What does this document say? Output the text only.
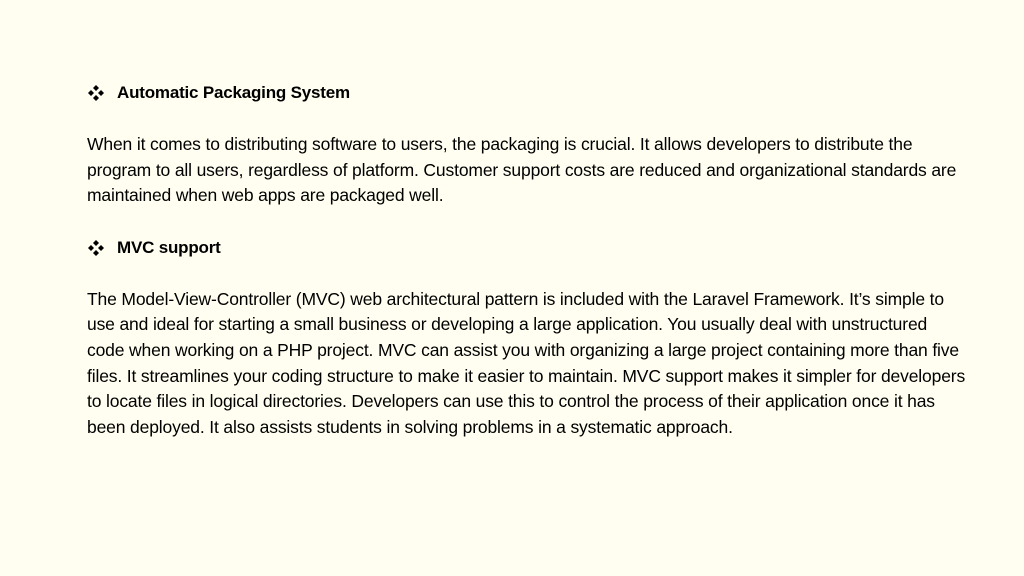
Automatic Packaging System

When it comes to distributing software to users, the packaging is crucial. It allows developers to distribute the program to all users, regardless of platform. Customer support costs are reduced and organizational standards are maintained when web apps are packaged well.

MVC support

The Model-View-Controller (MVC) web architectural pattern is included with the Laravel Framework. It’s simple to use and ideal for starting a small business or developing a large application. You usually deal with unstructured code when working on a PHP project. MVC can assist you with organizing a large project containing more than five files. It streamlines your coding structure to make it easier to maintain. MVC support makes it simpler for developers to locate files in logical directories. Developers can use this to control the process of their application once it has been deployed. It also assists students in solving problems in a systematic approach.
